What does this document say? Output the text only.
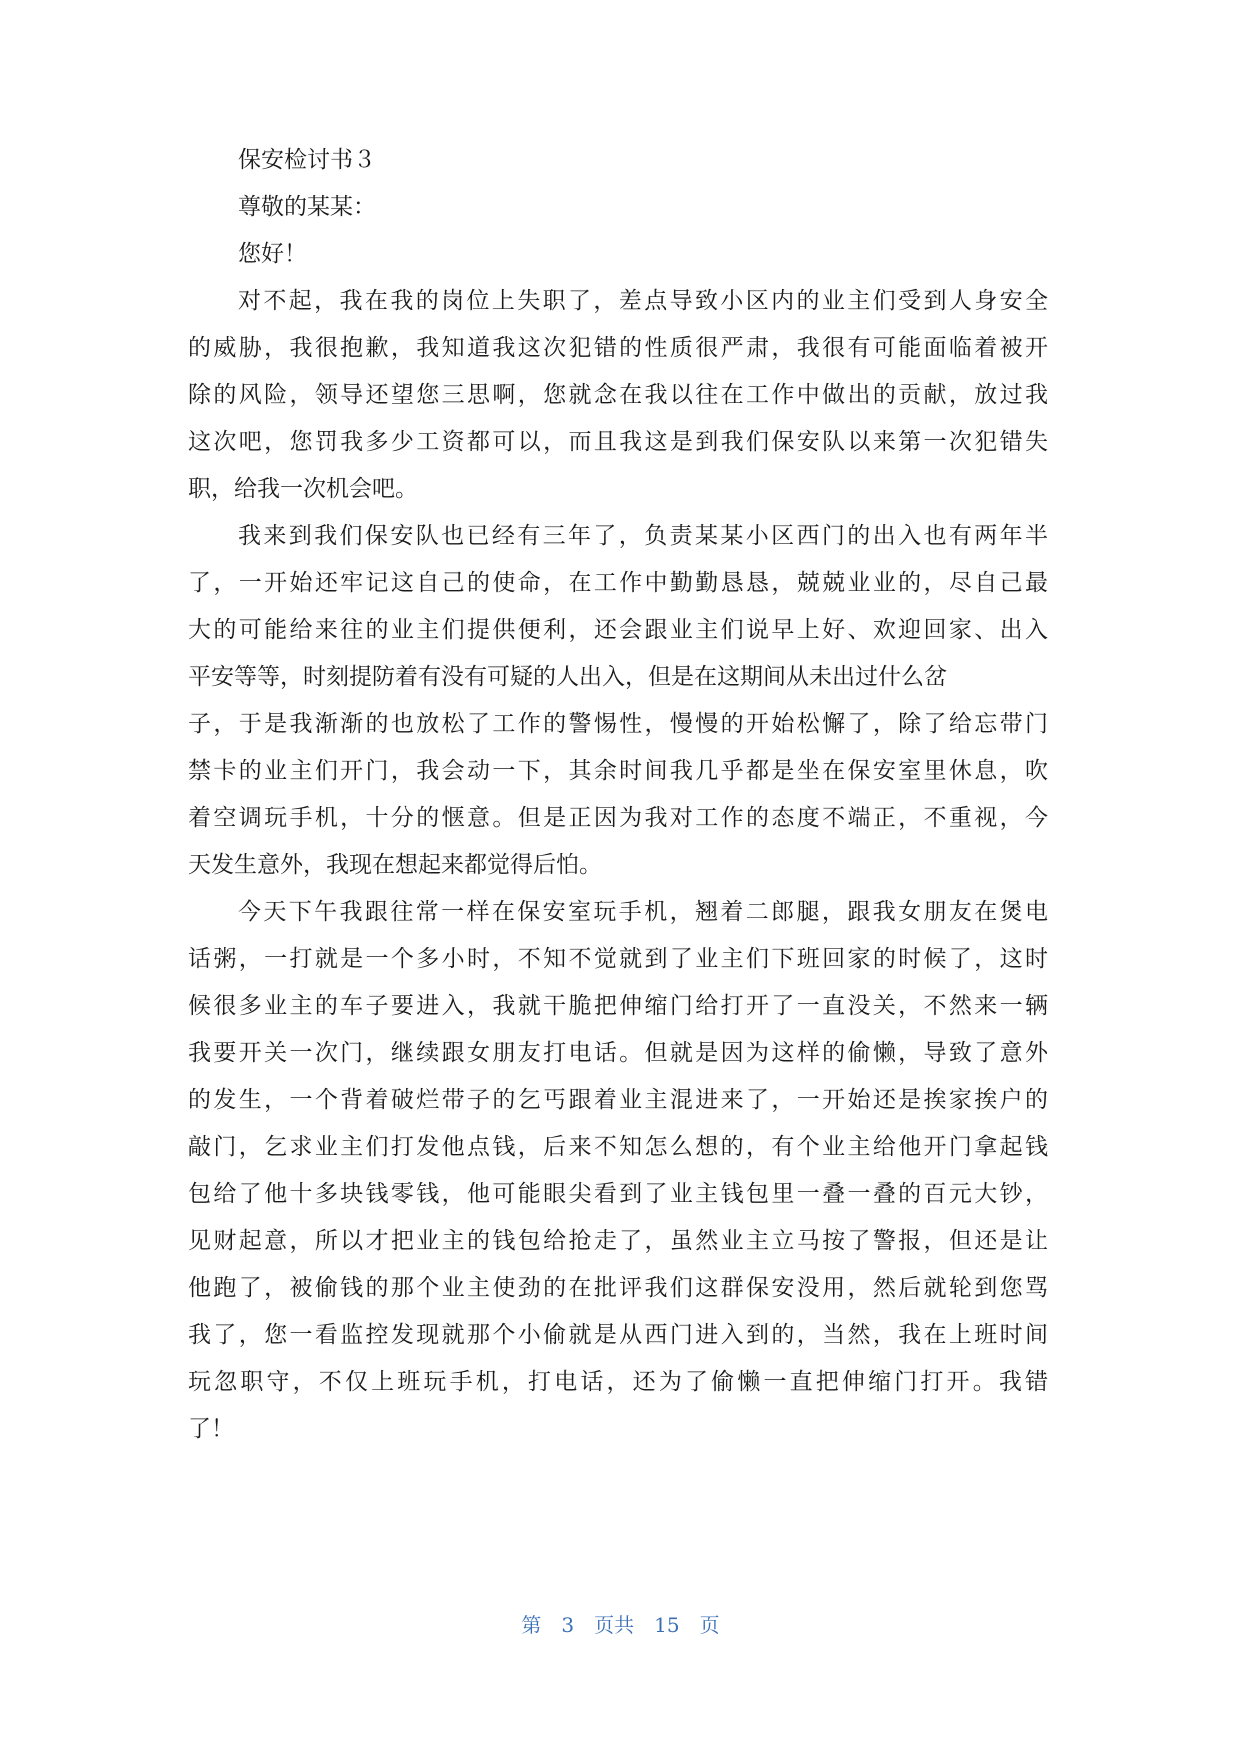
保安检讨书３
尊敬的某某：
您好！
对不起，我在我的岗位上失职了，差点导致小区内的业主们受到人身安全
的威胁，我很抱歉，我知道我这次犯错的性质很严肃，我很有可能面临着被开
除的风险，领导还望您三思啊，您就念在我以往在工作中做出的贡献，放过我
这次吧，您罚我多少工资都可以，而且我这是到我们保安队以来第一次犯错失
职，给我一次机会吧。
我来到我们保安队也已经有三年了，负责某某小区西门的出入也有两年半
了，一开始还牢记这自己的使命，在工作中勤勤恳恳，兢兢业业的，尽自己最
大的可能给来往的业主们提供便利，还会跟业主们说早上好、欢迎回家、出入
平安等等，时刻提防着有没有可疑的人出入，但是在这期间从未出过什么岔
子，于是我渐渐的也放松了工作的警惕性，慢慢的开始松懈了，除了给忘带门
禁卡的业主们开门，我会动一下，其余时间我几乎都是坐在保安室里休息，吹
着空调玩手机，十分的惬意。但是正因为我对工作的态度不端正，不重视，今
天发生意外，我现在想起来都觉得后怕。
今天下午我跟往常一样在保安室玩手机，翘着二郎腿，跟我女朋友在煲电
话粥，一打就是一个多小时，不知不觉就到了业主们下班回家的时候了，这时
候很多业主的车子要进入，我就干脆把伸缩门给打开了一直没关，不然来一辆
我要开关一次门，继续跟女朋友打电话。但就是因为这样的偷懒，导致了意外
的发生，一个背着破烂带子的乞丐跟着业主混进来了，一开始还是挨家挨户的
敲门，乞求业主们打发他点钱，后来不知怎么想的，有个业主给他开门拿起钱
包给了他十多块钱零钱，他可能眼尖看到了业主钱包里一叠一叠的百元大钞，
见财起意，所以才把业主的钱包给抢走了，虽然业主立马按了警报，但还是让
他跑了，被偷钱的那个业主使劲的在批评我们这群保安没用，然后就轮到您骂
我了，您一看监控发现就那个小偷就是从西门进入到的，当然，我在上班时间
玩忽职守，不仅上班玩手机，打电话，还为了偷懒一直把伸缩门打开。我错
了！
第　3　页共　15　页
